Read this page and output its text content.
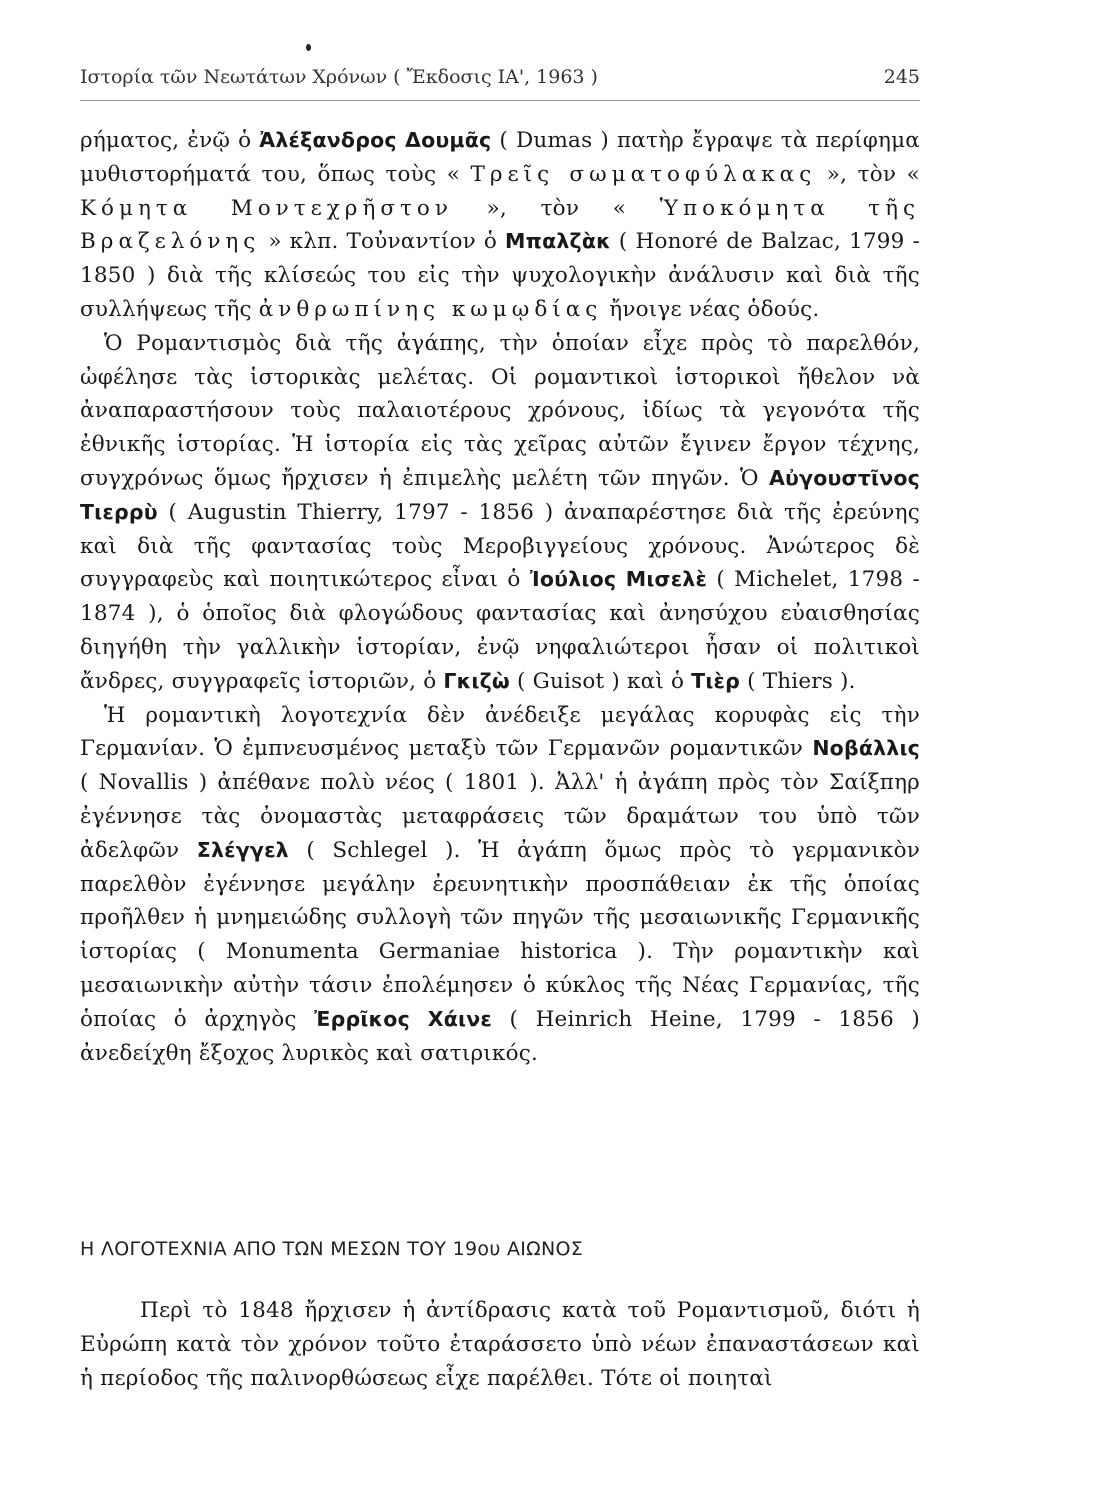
Ιστορία τῶν Νεωτάτων Χρόνων ( Ἔκδοσις ΙΑ', 1963 )	245

ρήματος, ἐνῷ ὁ Ἀλέξανδρος Δουμᾶς ( Dumas ) πατὴρ ἔγραψε τὰ περίφημα μυθιστορήματά του, ὅπως τοὺς « Τρεῖς σωματοφύλακας », τὸν « Κόμητα Μοντεχρῆστον », τὸν « Ὑποκόμητα τῆς Βραζελόνης » κλπ. Τοὐναντίον ὁ Μπαλζὰκ ( Honoré de Balzac, 1799 - 1850 ) διὰ τῆς κλίσεώς του εἰς τὴν ψυχολογικὴν ἀνάλυσιν καὶ διὰ τῆς συλλήψεως τῆς ἀνθρωπίνης κωμῳδίας ἤνοιγε νέας ὁδούς.

Ὁ Ρομαντισμὸς διὰ τῆς ἀγάπης, τὴν ὁποίαν εἶχε πρὸς τὸ παρελθόν, ὠφέλησε τὰς ἱστορικὰς μελέτας. Οἱ ρομαντικοὶ ἱστορικοὶ ἤθελον νὰ ἀναπαραστήσουν τοὺς παλαιοτέρους χρόνους, ἰδίως τὰ γεγονότα τῆς ἐθνικῆς ἱστορίας. Ἡ ἱστορία εἰς τὰς χεῖρας αὐτῶν ἔγινεν ἔργον τέχνης, συγχρόνως ὅμως ἤρχισεν ἡ ἐπιμελὴς μελέτη τῶν πηγῶν. Ὁ Αὐγουστῖνος Τιερρὺ ( Augustin Thierry, 1797 - 1856 ) ἀναπαρέστησε διὰ τῆς ἐρεύνης καὶ διὰ τῆς φαντασίας τοὺς Μεροβιγγείους χρόνους. Ἀνώτερος δὲ συγγραφεὺς καὶ ποιητικώτερος εἶναι ὁ Ἰούλιος Μισελὲ ( Michelet, 1798 - 1874 ), ὁ ὁποῖος διὰ φλογώδους φαντασίας καὶ ἀνησύχου εὐαισθησίας διηγήθη τὴν γαλλικὴν ἱστορίαν, ἐνῷ νηφαλιώτεροι ἦσαν οἱ πολιτικοὶ ἄνδρες, συγγραφεῖς ἱστοριῶν, ὁ Γκιζὼ ( Guisot ) καὶ ὁ Τιὲρ ( Thiers ).

Ἡ ρομαντικὴ λογοτεχνία δὲν ἀνέδειξε μεγάλας κορυφὰς εἰς τὴν Γερμανίαν. Ὁ ἐμπνευσμένος μεταξὺ τῶν Γερμανῶν ρομαντικῶν Νοβάλλις ( Novallis ) ἀπέθανε πολὺ νέος ( 1801 ). Ἀλλ' ἡ ἀγάπη πρὸς τὸν Σαίξπηρ ἐγέννησε τὰς ὀνομαστὰς μεταφράσεις τῶν δραμάτων του ὑπὸ τῶν ἀδελφῶν Σλέγγελ ( Schlegel ). Ἡ ἀγάπη ὅμως πρὸς τὸ γερμανικὸν παρελθὸν ἐγέννησε μεγάλην ἐρευνητικὴν προσπάθειαν ἐκ τῆς ὁποίας προῆλθεν ἡ μνημειώδης συλλογὴ τῶν πηγῶν τῆς μεσαιωνικῆς Γερμανικῆς ἱστορίας ( Monumenta Germaniae historica ). Τὴν ρομαντικὴν καὶ μεσαιωνικὴν αὐτὴν τάσιν ἐπολέμησεν ὁ κύκλος τῆς Νέας Γερμανίας, τῆς ὁποίας ὁ ἀρχηγὸς Ἐρρῖκος Χάινε ( Heinrich Heine, 1799 - 1856 ) ἀνεδείχθη ἔξοχος λυρικὸς καὶ σατιρικός.

Η ΛΟΓΟΤΕΧΝΙΑ ΑΠΟ ΤΩΝ ΜΕΣΩΝ ΤΟΥ 19ου ΑΙΩΝΟΣ
Περὶ τὸ 1848 ἤρχισεν ἡ ἀντίδρασις κατὰ τοῦ Ρομαντισμοῦ, διότι ἡ Εὐρώπη κατὰ τὸν χρόνον τοῦτο ἐταράσσετο ὑπὸ νέων ἐπαναστάσεων καὶ ἡ περίοδος τῆς παλινορθώσεως εἶχε παρέλθει. Τότε οἱ ποιηταὶ
